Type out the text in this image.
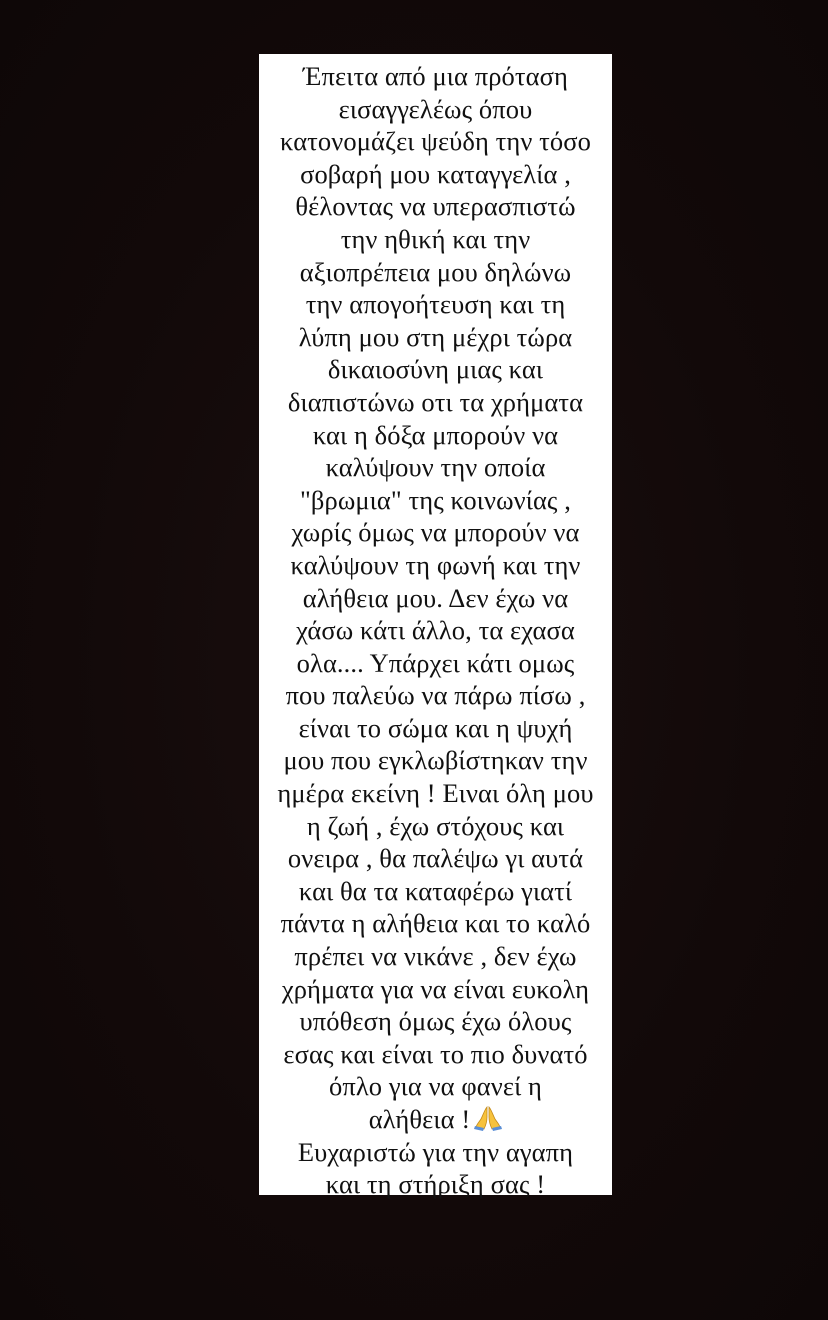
Έπειτα από μια πρόταση
εισαγγελέως όπου
κατονομάζει ψεύδη την τόσο
σοβαρή μου καταγγελία ,
θέλοντας να υπερασπιστώ
την ηθική και την
αξιοπρέπεια μου δηλώνω
την απογοήτευση και τη
λύπη μου στη μέχρι τώρα
δικαιοσύνη μιας και
διαπιστώνω οτι τα χρήματα
και η δόξα μπορούν να
καλύψουν την οποία
"βρωμια" της κοινωνίας ,
χωρίς όμως να μπορούν να
καλύψουν τη φωνή και την
αλήθεια μου. Δεν έχω να
χάσω κάτι άλλο, τα εχασα
ολα.... Υπάρχει κάτι ομως
που παλεύω να πάρω πίσω ,
είναι το σώμα και η ψυχή
μου που εγκλωβίστηκαν την
ημέρα εκείνη ! Ειναι όλη μου
η ζωή , έχω στόχους και
ονειρα , θα παλέψω γι αυτά
και θα τα καταφέρω γιατί
πάντα η αλήθεια και το καλό
πρέπει να νικάνε , δεν έχω
χρήματα για να είναι ευκολη
υπόθεση όμως έχω όλους
εσας και είναι το πιο δυνατό
όπλο για να φανεί η
αλήθεια !
Ευχαριστώ για την αγαπη
και τη στήριξη σας !
